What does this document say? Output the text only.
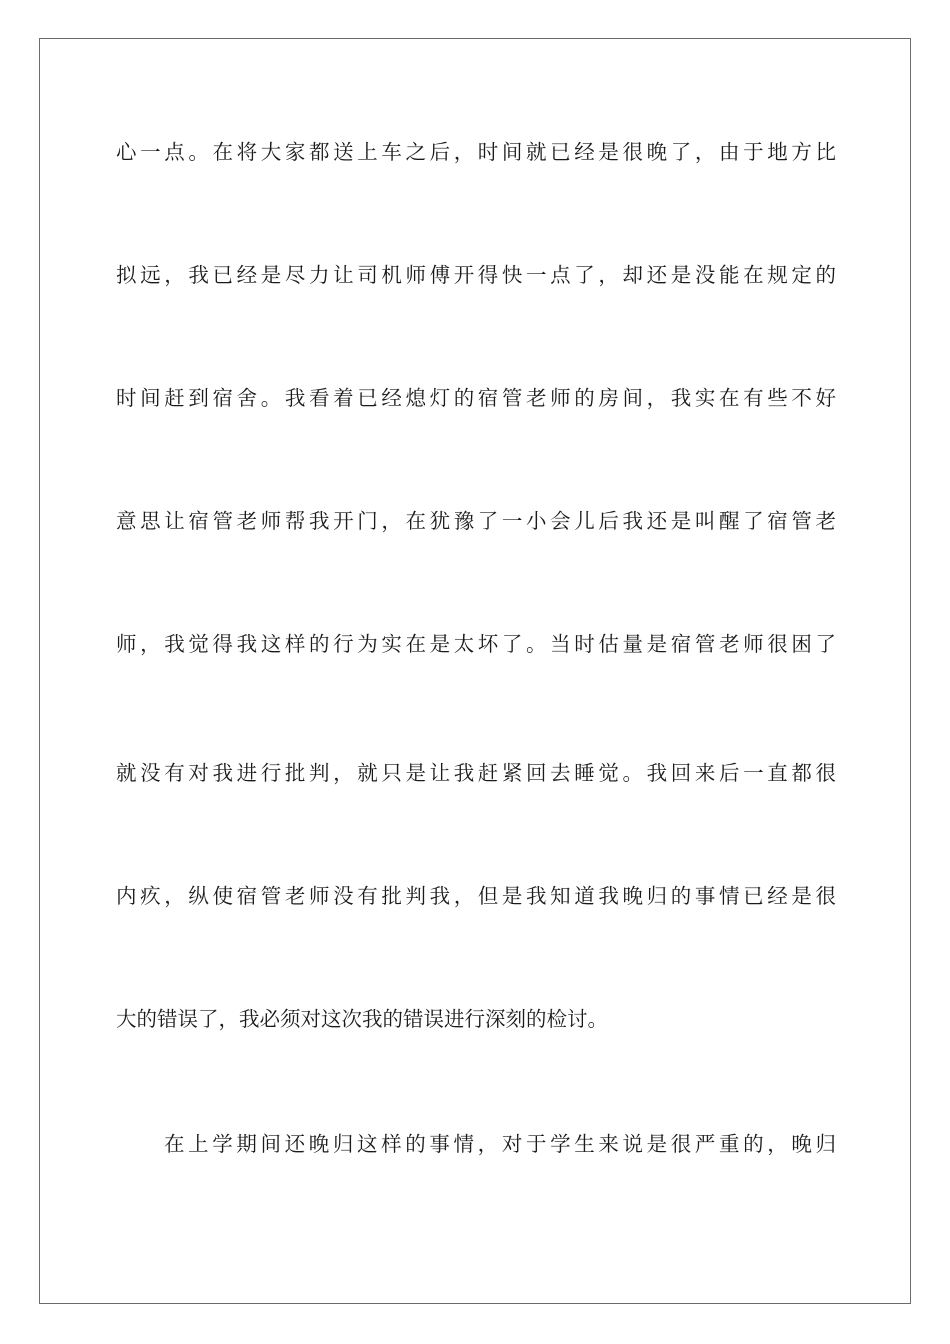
心一点。在将大家都送上车之后，时间就已经是很晚了，由于地方比
拟远，我已经是尽力让司机师傅开得快一点了，却还是没能在规定的
时间赶到宿舍。我看着已经熄灯的宿管老师的房间，我实在有些不好
意思让宿管老师帮我开门，在犹豫了一小会儿后我还是叫醒了宿管老
师，我觉得我这样的行为实在是太坏了。当时估量是宿管老师很困了
就没有对我进行批判，就只是让我赶紧回去睡觉。我回来后一直都很
内疚，纵使宿管老师没有批判我，但是我知道我晚归的事情已经是很
大的错误了，我必须对这次我的错误进行深刻的检讨。
在上学期间还晚归这样的事情，对于学生来说是很严重的，晚归
